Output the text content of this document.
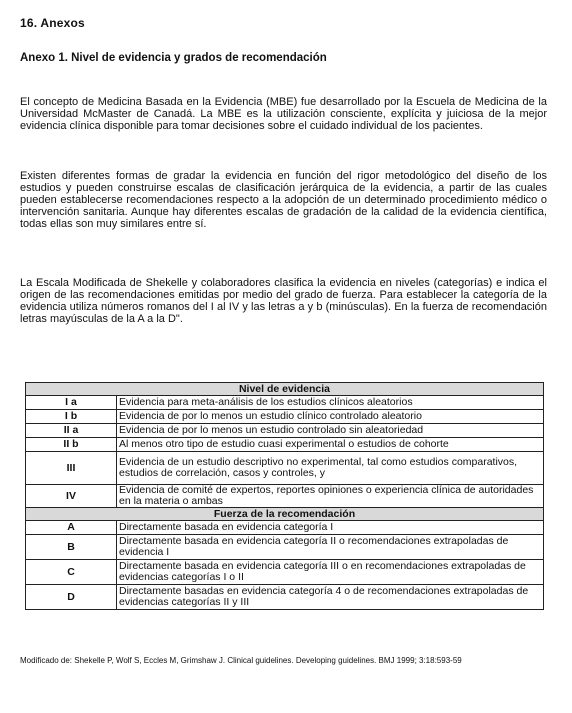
16. Anexos
Anexo 1. Nivel de evidencia y grados de recomendación

El concepto de Medicina Basada en la Evidencia (MBE) fue desarrollado por la Escuela de Medicina de la Universidad McMaster de Canadá. La MBE es la utilización consciente, explícita y juiciosa de la mejor evidencia clínica disponible para tomar decisiones sobre el cuidado individual de los pacientes.

Existen diferentes formas de gradar la evidencia en función del rigor metodológico del diseño de los estudios y pueden construirse escalas de clasificación jerárquica de la evidencia, a partir de las cuales pueden establecerse recomendaciones respecto a la adopción de un determinado procedimiento médico o intervención sanitaria. Aunque hay diferentes escalas de gradación de la calidad de la evidencia científica, todas ellas son muy similares entre sí.

La Escala Modificada de Shekelle y colaboradores clasifica la evidencia en niveles (categorías) e indica el origen de las recomendaciones emitidas por medio del grado de fuerza. Para establecer la categoría de la evidencia utiliza números romanos del I al IV y las letras a y b (minúsculas). En la fuerza de recomendación letras mayúsculas de la A a la D".

Nivel de evidencia	
I a	Evidencia para meta-análisis de los estudios clínicos aleatorios
I b	Evidencia de por lo menos un estudio clínico controlado aleatorio
II a	Evidencia de por lo menos un estudio controlado sin aleatoriedad
II b	Al menos otro tipo de estudio cuasi experimental o estudios de cohorte
III	Evidencia de un estudio descriptivo no experimental, tal como estudios comparativos, estudios de correlación, casos y controles, y
IV	Evidencia de comité de expertos, reportes opiniones o experiencia clínica de autoridades en la materia o ambas
Fuerza de la recomendación	
A	Directamente basada en evidencia categoría I
B	Directamente basada en evidencia categoría II o recomendaciones extrapoladas de evidencia I
C	Directamente basada en evidencia categoría III o en recomendaciones extrapoladas de evidencias categorías I o II
D	Directamente basadas en evidencia categoría 4 o de recomendaciones extrapoladas de evidencias categorías II y III
Modificado de: Shekelle P, Wolf S, Eccles M, Grimshaw J. Clinical guidelines. Developing guidelines. BMJ 1999; 3:18:593-59
